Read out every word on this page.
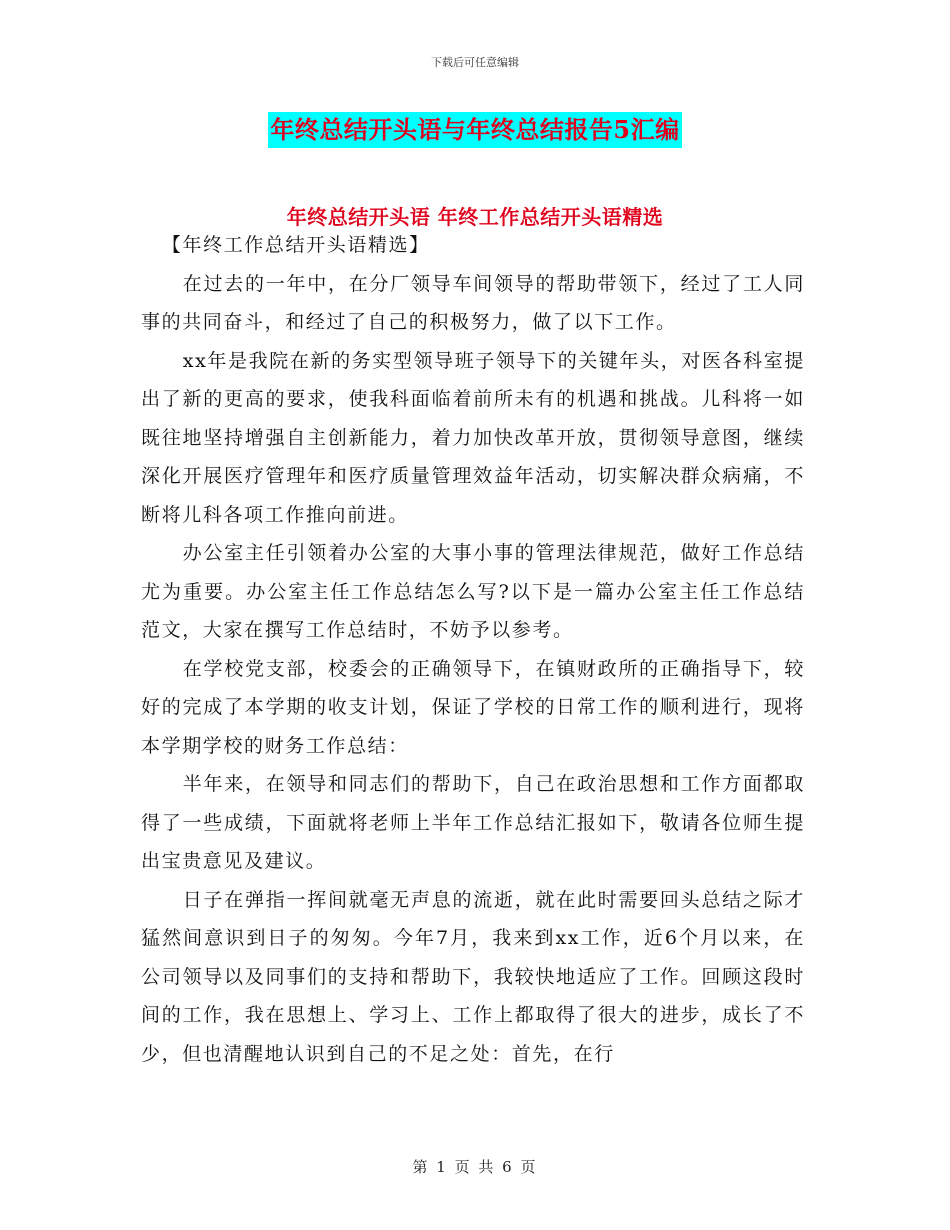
下载后可任意编辑
年终总结开头语与年终总结报告5汇编
年终总结开头语 年终工作总结开头语精选

【年终工作总结开头语精选】

在过去的一年中，在分厂领导车间领导的帮助带领下，经过了工人同事的共同奋斗，和经过了自己的积极努力，做了以下工作。

xx年是我院在新的务实型领导班子领导下的关键年头，对医各科室提出了新的更高的要求，使我科面临着前所未有的机遇和挑战。儿科将一如既往地坚持增强自主创新能力，着力加快改革开放，贯彻领导意图，继续深化开展医疗管理年和医疗质量管理效益年活动，切实解决群众病痛，不断将儿科各项工作推向前进。

办公室主任引领着办公室的大事小事的管理法律规范，做好工作总结尤为重要。办公室主任工作总结怎么写?以下是一篇办公室主任工作总结范文，大家在撰写工作总结时，不妨予以参考。

在学校党支部，校委会的正确领导下，在镇财政所的正确指导下，较好的完成了本学期的收支计划，保证了学校的日常工作的顺利进行，现将本学期学校的财务工作总结：

半年来，在领导和同志们的帮助下，自己在政治思想和工作方面都取得了一些成绩，下面就将老师上半年工作总结汇报如下，敬请各位师生提出宝贵意见及建议。

日子在弹指一挥间就毫无声息的流逝，就在此时需要回头总结之际才猛然间意识到日子的匆匆。今年7月，我来到xx工作，近6个月以来，在公司领导以及同事们的支持和帮助下，我较快地适应了工作。回顾这段时间的工作，我在思想上、学习上、工作上都取得了很大的进步，成长了不少，但也清醒地认识到自己的不足之处：首先，在行

第 1 页 共 6 页
